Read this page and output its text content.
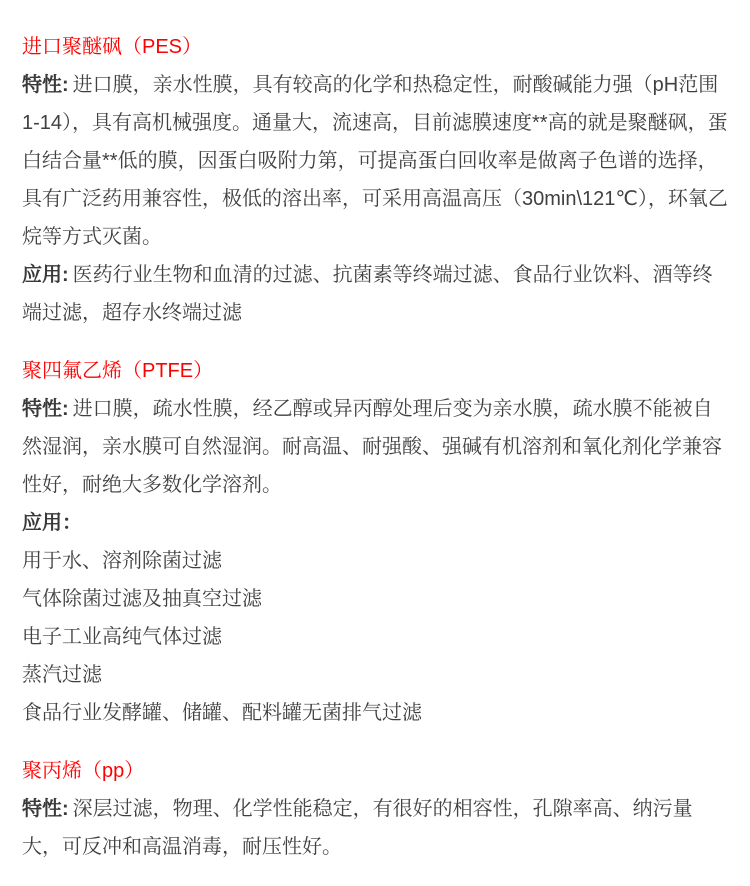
进口聚醚砜（PES）

特性: 进口膜，亲水性膜，具有较高的化学和热稳定性，耐酸碱能力强（pH范围1-14），具有高机械强度。通量大，流速高，目前滤膜速度**高的就是聚醚砜，蛋白结合量**低的膜，因蛋白吸附力第，可提高蛋白回收率是做离子色谱的选择，具有广泛药用兼容性，极低的溶出率，可采用高温高压（30min\121℃），环氧乙烷等方式灭菌。

应用: 医药行业生物和血清的过滤、抗菌素等终端过滤、食品行业饮料、酒等终端过滤，超存水终端过滤

聚四氟乙烯（PTFE）

特性: 进口膜，疏水性膜，经乙醇或异丙醇处理后变为亲水膜，疏水膜不能被自然湿润，亲水膜可自然湿润。耐高温、耐强酸、强碱有机溶剂和氧化剂化学兼容性好，耐绝大多数化学溶剂。

应用：

用于水、溶剂除菌过滤

气体除菌过滤及抽真空过滤

电子工业高纯气体过滤

蒸汽过滤

食品行业发酵罐、储罐、配料罐无菌排气过滤

聚丙烯（pp）

特性: 深层过滤，物理、化学性能稳定，有很好的相容性，孔隙率高、纳污量大，可反冲和高温消毒，耐压性好。
